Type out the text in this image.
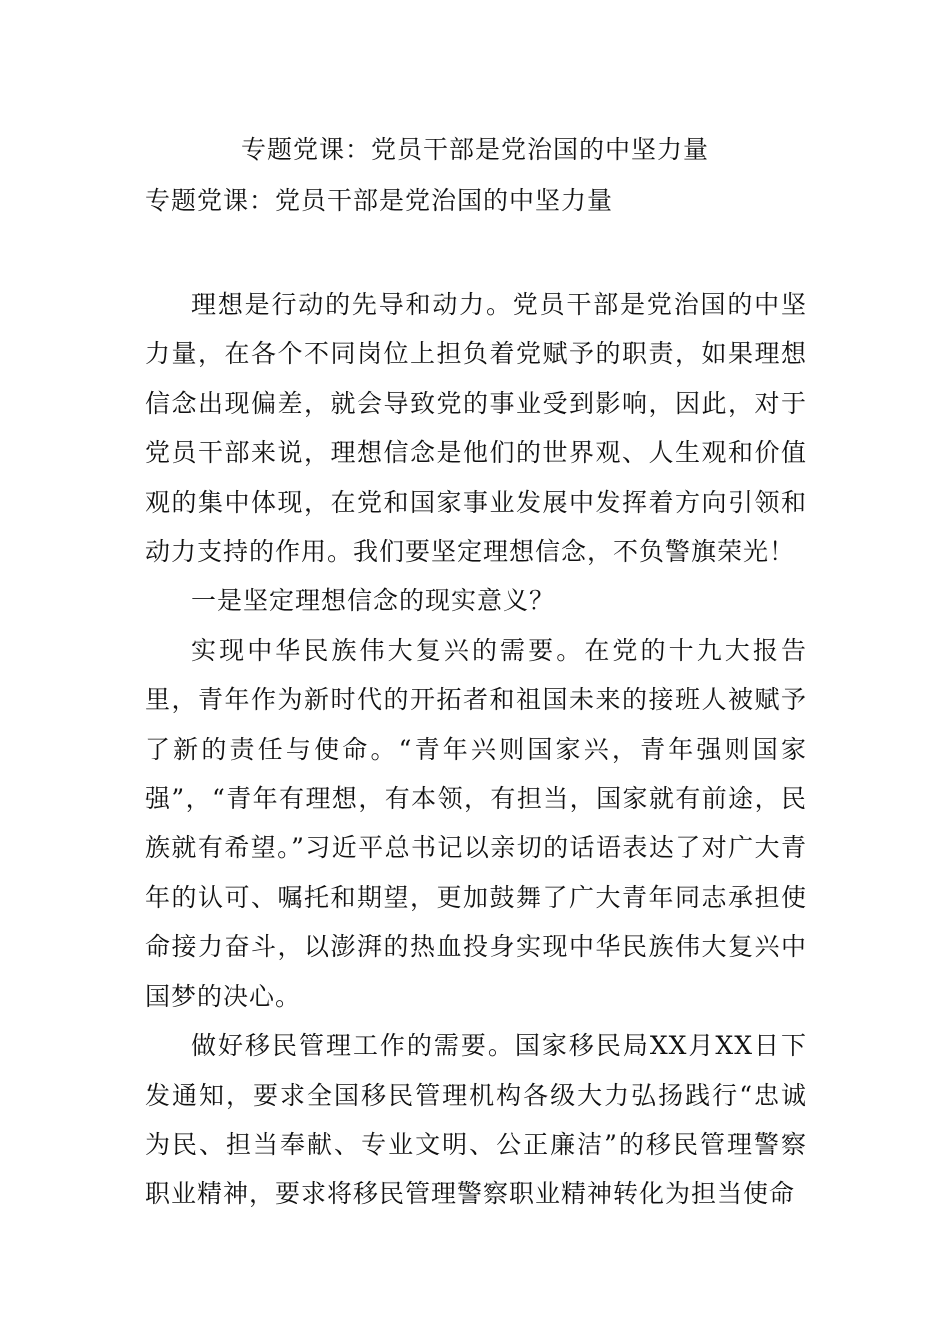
专题党课：党员干部是党治国的中坚力量
专题党课：党员干部是党治国的中坚力量

理想是行动的先导和动力。党员干部是党治国的中坚力量，在各个不同岗位上担负着党赋予的职责，如果理想信念出现偏差，就会导致党的事业受到影响，因此，对于党员干部来说，理想信念是他们的世界观、人生观和价值观的集中体现，在党和国家事业发展中发挥着方向引领和动力支持的作用。我们要坚定理想信念，不负警旗荣光！

一是坚定理想信念的现实意义？

实现中华民族伟大复兴的需要。在党的十九大报告里，青年作为新时代的开拓者和祖国未来的接班人被赋予了新的责任与使命。“青年兴则国家兴，青年强则国家强”，“青年有理想，有本领，有担当，国家就有前途，民族就有希望。”习近平总书记以亲切的话语表达了对广大青年的认可、嘱托和期望，更加鼓舞了广大青年同志承担使命接力奋斗，以澎湃的热血投身实现中华民族伟大复兴中国梦的决心。

做好移民管理工作的需要。国家移民局XX月XX日下发通知，要求全国移民管理机构各级大力弘扬践行“忠诚为民、担当奉献、专业文明、公正廉洁”的移民管理警察职业精神，要求将移民管理警察职业精神转化为担当使命
